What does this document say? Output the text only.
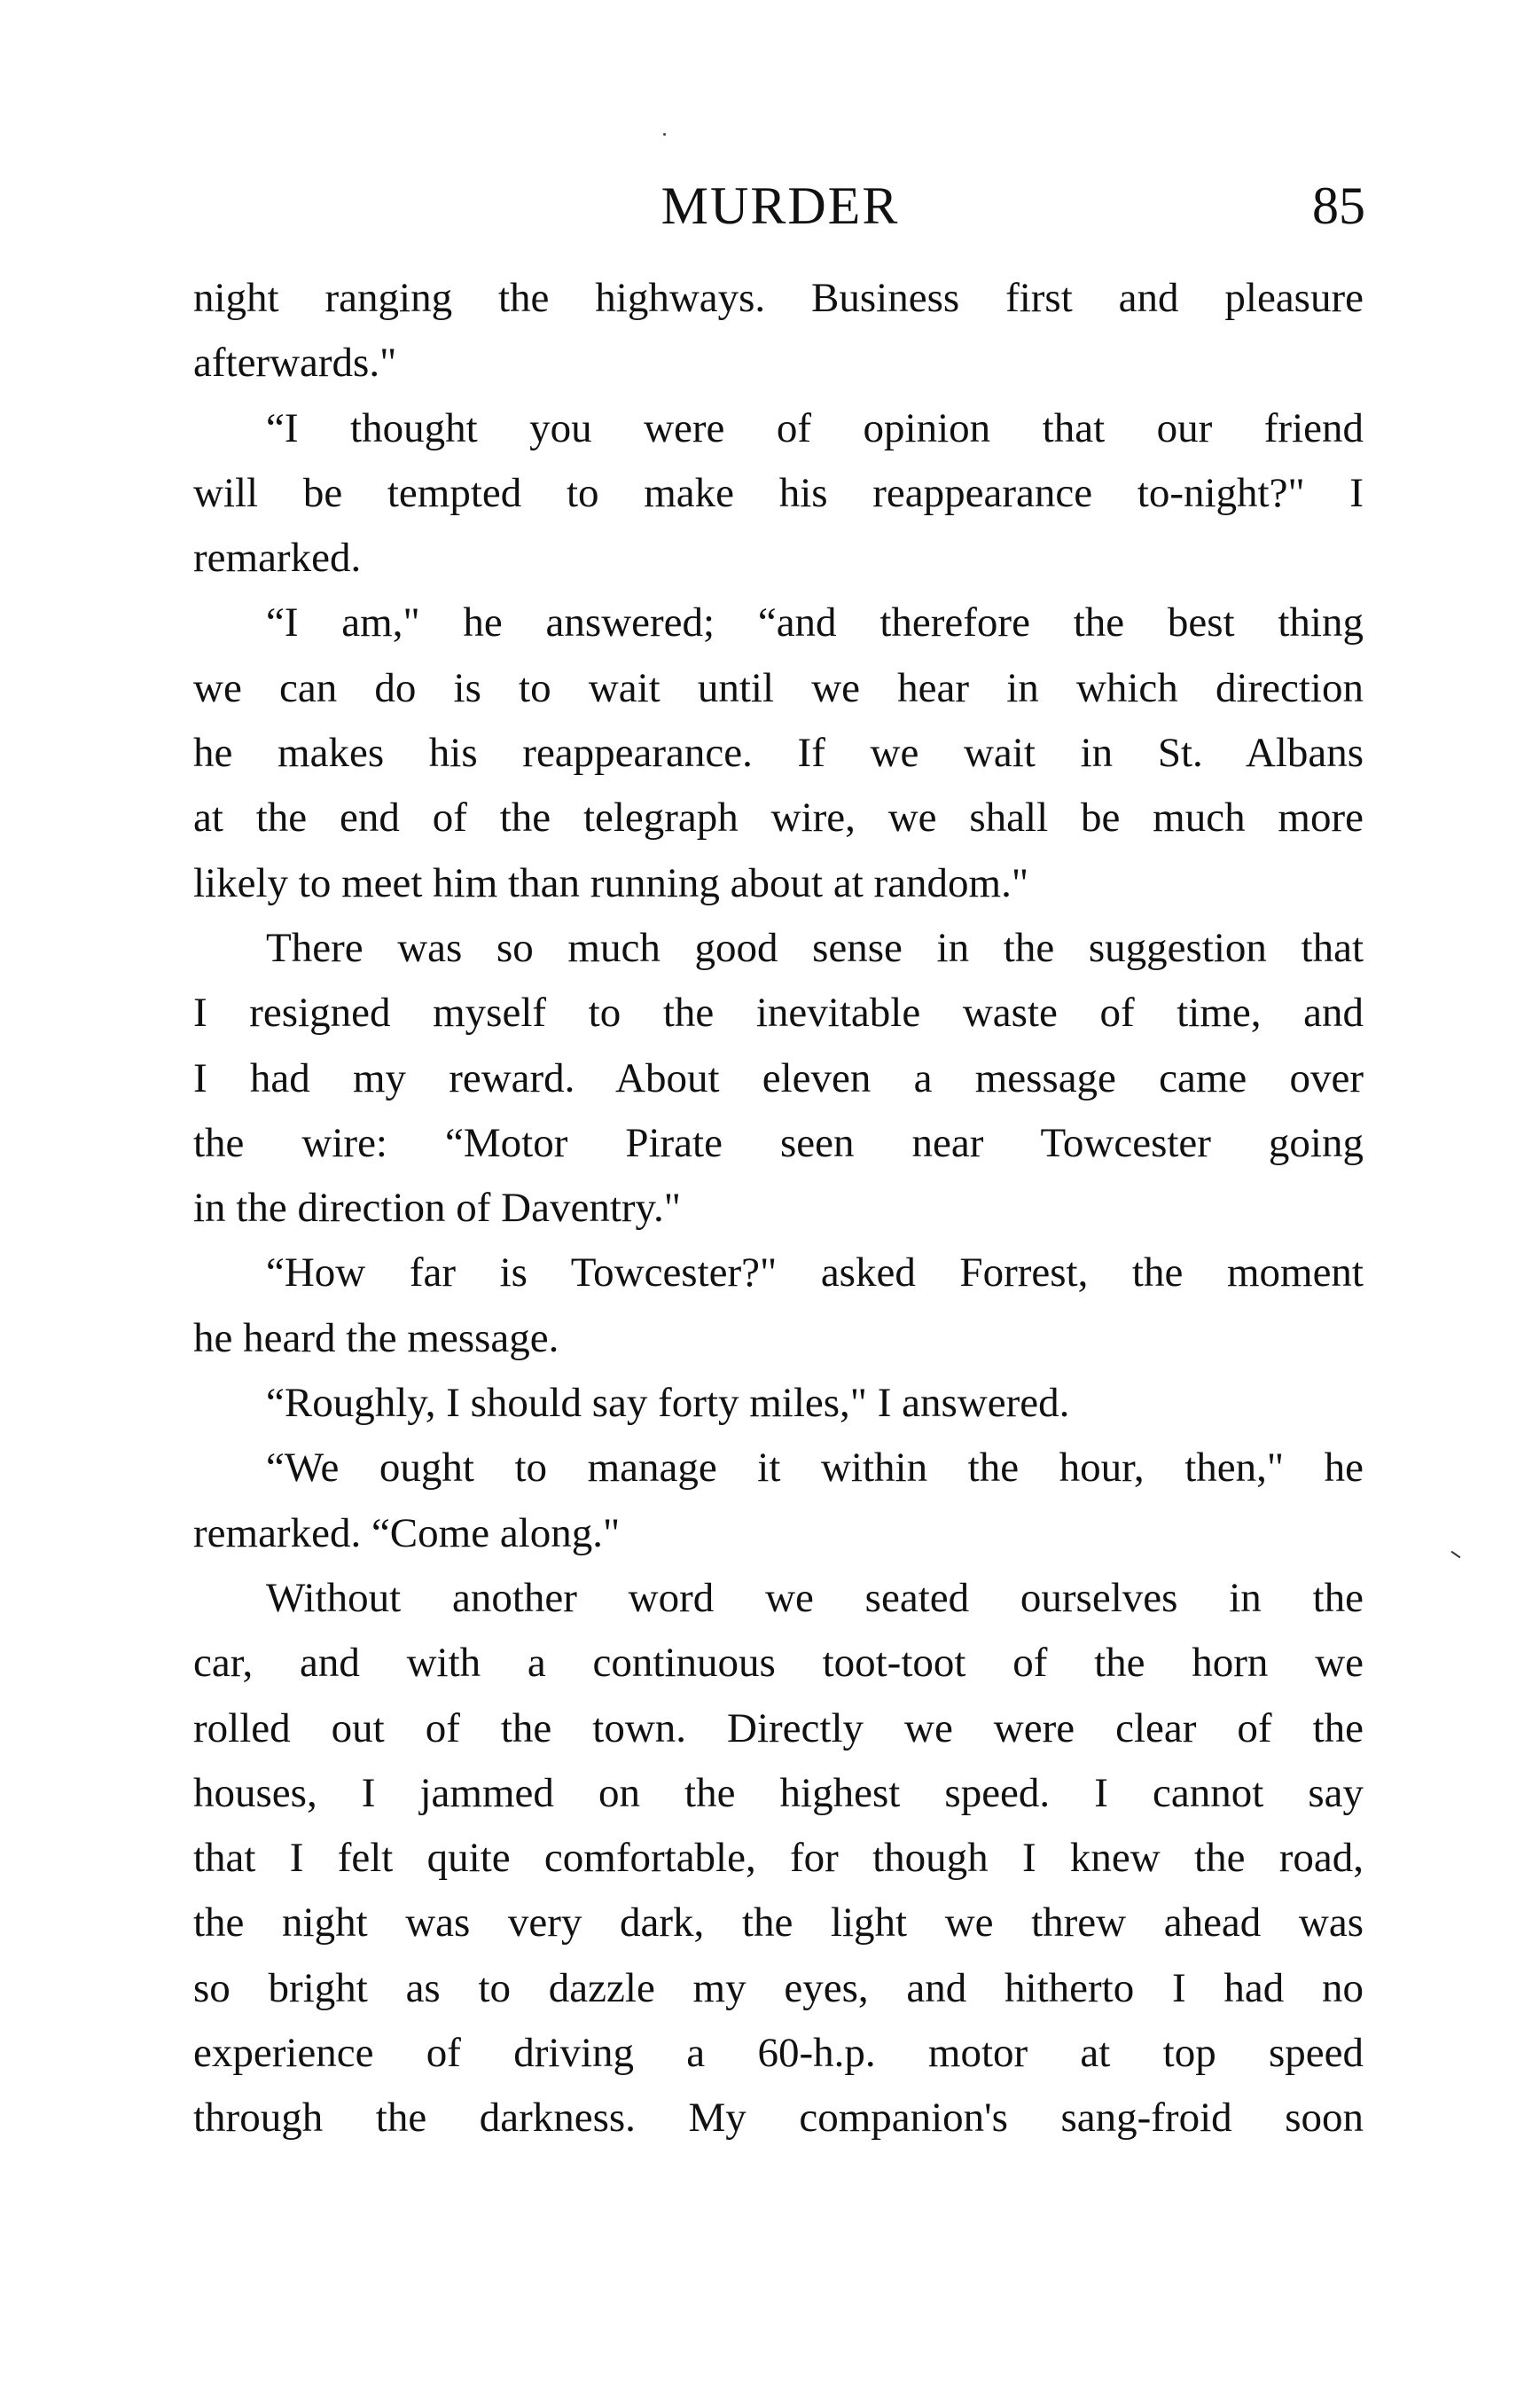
MURDER	85
night ranging the highways. Business first and pleasure
afterwards."
“I thought you were of opinion that our friend
will be tempted to make his reappearance to-night?" I
remarked.
“I am," he answered; “and therefore the best thing
we can do is to wait until we hear in which direction
he makes his reappearance. If we wait in St. Albans
at the end of the telegraph wire, we shall be much more
likely to meet him than running about at random."
There was so much good sense in the suggestion that
I resigned myself to the inevitable waste of time, and
I had my reward. About eleven a message came over
the wire: “Motor Pirate seen near Towcester going
in the direction of Daventry."
“How far is Towcester?" asked Forrest, the moment
he heard the message.
“Roughly, I should say forty miles," I answered.
“We ought to manage it within the hour, then," he
remarked. “Come along."
Without another word we seated ourselves in the
car, and with a continuous toot-toot of the horn we
rolled out of the town. Directly we were clear of the
houses, I jammed on the highest speed. I cannot say
that I felt quite comfortable, for though I knew the road,
the night was very dark, the light we threw ahead was
so bright as to dazzle my eyes, and hitherto I had no
experience of driving a 60-h.p. motor at top speed
through the darkness. My companion's sang-froid soon
